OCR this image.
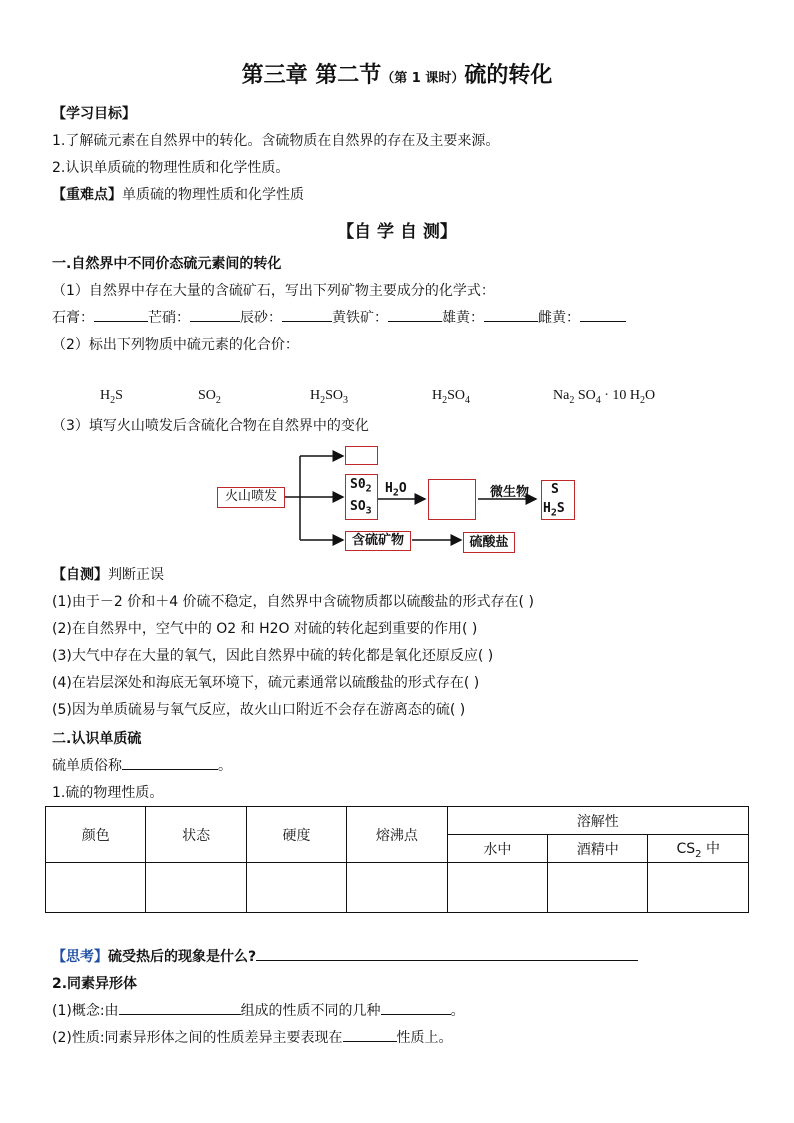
第三章 第二节（第 1 课时）硫的转化
【学习目标】
1.了解硫元素在自然界中的转化。含硫物质在自然界的存在及主要来源。
2.认识单质硫的物理性质和化学性质。
【重难点】单质硫的物理性质和化学性质
【自 学 自 测】
一.自然界中不同价态硫元素间的转化
（1）自然界中存在大量的含硫矿石，写出下列矿物主要成分的化学式：
石膏：	芒硝：	辰砂：	黄铁矿：	雄黄：	雌黄：
（2）标出下列物质中硫元素的化合价：
$H_2S$	$SO_2$	$H_2SO_3$	$H_2SO_4$	$Na_2$ $SO_4 \cdot 10$ $H_2O$
（3）填写火山喷发后含硫化合物在自然界中的变化
火山喷发
$S0_2$
$SO_3$
$H_2O$	微生物 S
$H_2S$
含硫矿物	硫酸盐
【自测】判断正误
(1)由于－2 价和＋4 价硫不稳定，自然界中含硫物质都以硫酸盐的形式存在( )
(2)在自然界中，空气中的 O2 和 H2O 对硫的转化起到重要的作用( )
(3)大气中存在大量的氧气，因此自然界中硫的转化都是氧化还原反应( )
(4)在岩层深处和海底无氧环境下，硫元素通常以硫酸盐的形式存在( )
(5)因为单质硫易与氧气反应，故火山口附近不会存在游离态的硫( )
二.认识单质硫
硫单质俗称	。
1.硫的物理性质。
颜色	状态	硬度	熔沸点	溶解性		
				水中	酒精中	$CS_2$ 中

【思考】硫受热后的现象是什么?
2.同素异形体
(1)概念:由	组成的性质不同的几种	。
(2)性质:同素异形体之间的性质差异主要表现在	性质上。
